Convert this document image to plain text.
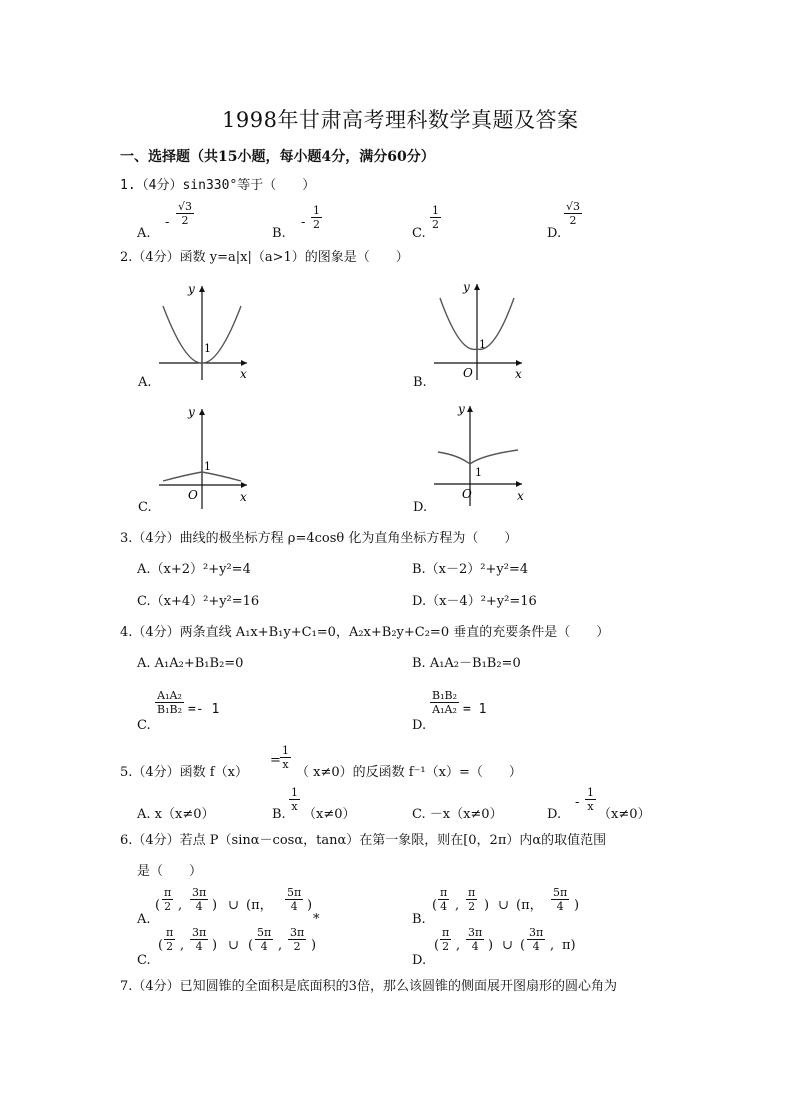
1998年甘肃高考理科数学真题及答案
一、选择题（共15小题，每小题4分，满分60分）
1.（4分）sin330°等于（　　）
A.
- $\frac{√3}{2}$
B.
- $\frac{1}{2}$
C.
$\frac{1}{2}$
D.
$\frac{√3}{2}$
2.（4分）函数 y=a|x|（a>1）的图象是（　　）
y
x
1
A.
y
x
O
1
B.
y
x
O
1
C.
y
x
O
1
D.
3.（4分）曲线的极坐标方程 ρ=4cosθ 化为直角坐标方程为（　　）
A.（x+2）²+y²=4	B.（x－2）²+y²=4
C.（x+4）²+y²=16	D.（x－4）²+y²=16
4.（4分）两条直线 A₁x+B₁y+C₁=0，A₂x+B₂y+C₂=0 垂直的充要条件是（　　）
A. A₁A₂+B₁B₂=0	B. A₁A₂－B₁B₂=0
C.
$\frac{\text{A₁A₂}}{\text{B₁B₂}} =- 1$
D.
$\frac{\text{B₁B₂}}{\text{A₁A₂}} = 1$
5.（4分）函数 f（x）
= $\frac{1}{x}$
（ x≠0）的反函数 f⁻¹（x）=（　　）
A. x（x≠0）	B.
$\frac{1}{x}$
（x≠0）	C. －x（x≠0）	D.
- $\frac{1}{x}$
（x≠0）
6.（4分）若点 P（sinα－cosα，tanα）在第一象限，则在[0，2π）内α的取值范围
是（　　）
A.
( $\frac{\pi}{2}$ , $\frac{3\pi}{4}$ ) ∪ (π， $\frac{5\pi}{4}$ )
*	B.
( $\frac{\pi}{4}$ , $\frac{\pi}{2}$ ) ∪ (π， $\frac{5\pi}{4}$ )
C.
( $\frac{\pi}{2}$ , $\frac{3\pi}{4}$ ) ∪ ( $\frac{5\pi}{4}$ , $\frac{3\pi}{2}$ )
D.
( $\frac{\pi}{2}$ , $\frac{3\pi}{4}$ ) ∪ ( $\frac{3\pi}{4}$ , π)
7.（4分）已知圆锥的全面积是底面积的3倍，那么该圆锥的侧面展开图扇形的圆心角为
